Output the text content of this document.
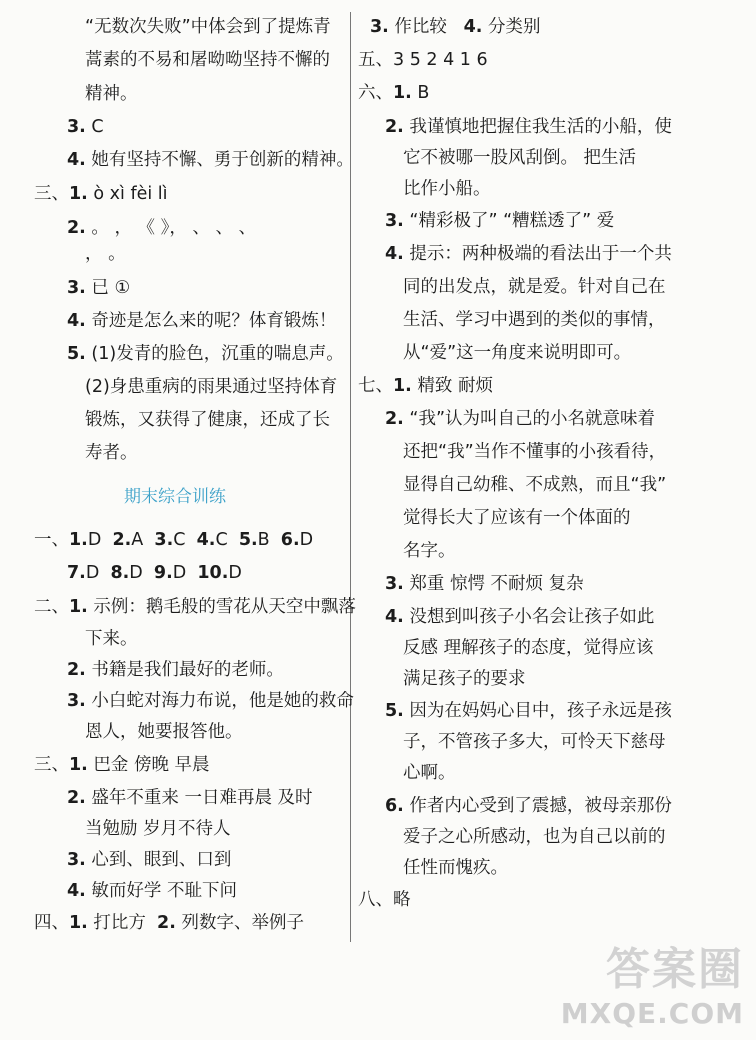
“无数次失败”中体会到了提炼青
蒿素的不易和屠呦呦坚持不懈的
精神。
3. C
4. 她有坚持不懈、勇于创新的精神。
三、1. ò xì fèi lì
2. 。 ， 《 》， 、 、 、
， 。
3. 已 ①
4. 奇迹是怎么来的呢？体育锻炼！
5. (1)发青的脸色，沉重的喘息声。
(2)身患重病的雨果通过坚持体育
锻炼，又获得了健康，还成了长
寿者。
期末综合训练
一、1.D 2.A 3.C 4.C 5.B 6.D
7.D 8.D 9.D 10.D
二、1. 示例：鹅毛般的雪花从天空中飘落
下来。
2. 书籍是我们最好的老师。
3. 小白蛇对海力布说，他是她的救命
恩人，她要报答他。
三、1. 巴金 傍晚 早晨
2. 盛年不重来 一日难再晨 及时
当勉励 岁月不待人
3. 心到、眼到、口到
4. 敏而好学 不耻下问
四、1. 打比方 2. 列数字、举例子
3. 作比较 4. 分类别
五、3 5 2 4 1 6
六、1. B
2. 我谨慎地把握住我生活的小船，使
它不被哪一股风刮倒。 把生活
比作小船。
3. “精彩极了” “糟糕透了” 爱
4. 提示：两种极端的看法出于一个共
同的出发点，就是爱。针对自己在
生活、学习中遇到的类似的事情，
从“爱”这一角度来说明即可。
七、1. 精致 耐烦
2. “我”认为叫自己的小名就意味着
还把“我”当作不懂事的小孩看待，
显得自己幼稚、不成熟，而且“我”
觉得长大了应该有一个体面的
名字。
3. 郑重 惊愕 不耐烦 复杂
4. 没想到叫孩子小名会让孩子如此
反感 理解孩子的态度，觉得应该
满足孩子的要求
5. 因为在妈妈心目中，孩子永远是孩
子，不管孩子多大，可怜天下慈母
心啊。
6. 作者内心受到了震撼，被母亲那份
爱子之心所感动，也为自己以前的
任性而愧疚。
八、略
答案圈
MXQE.COM
